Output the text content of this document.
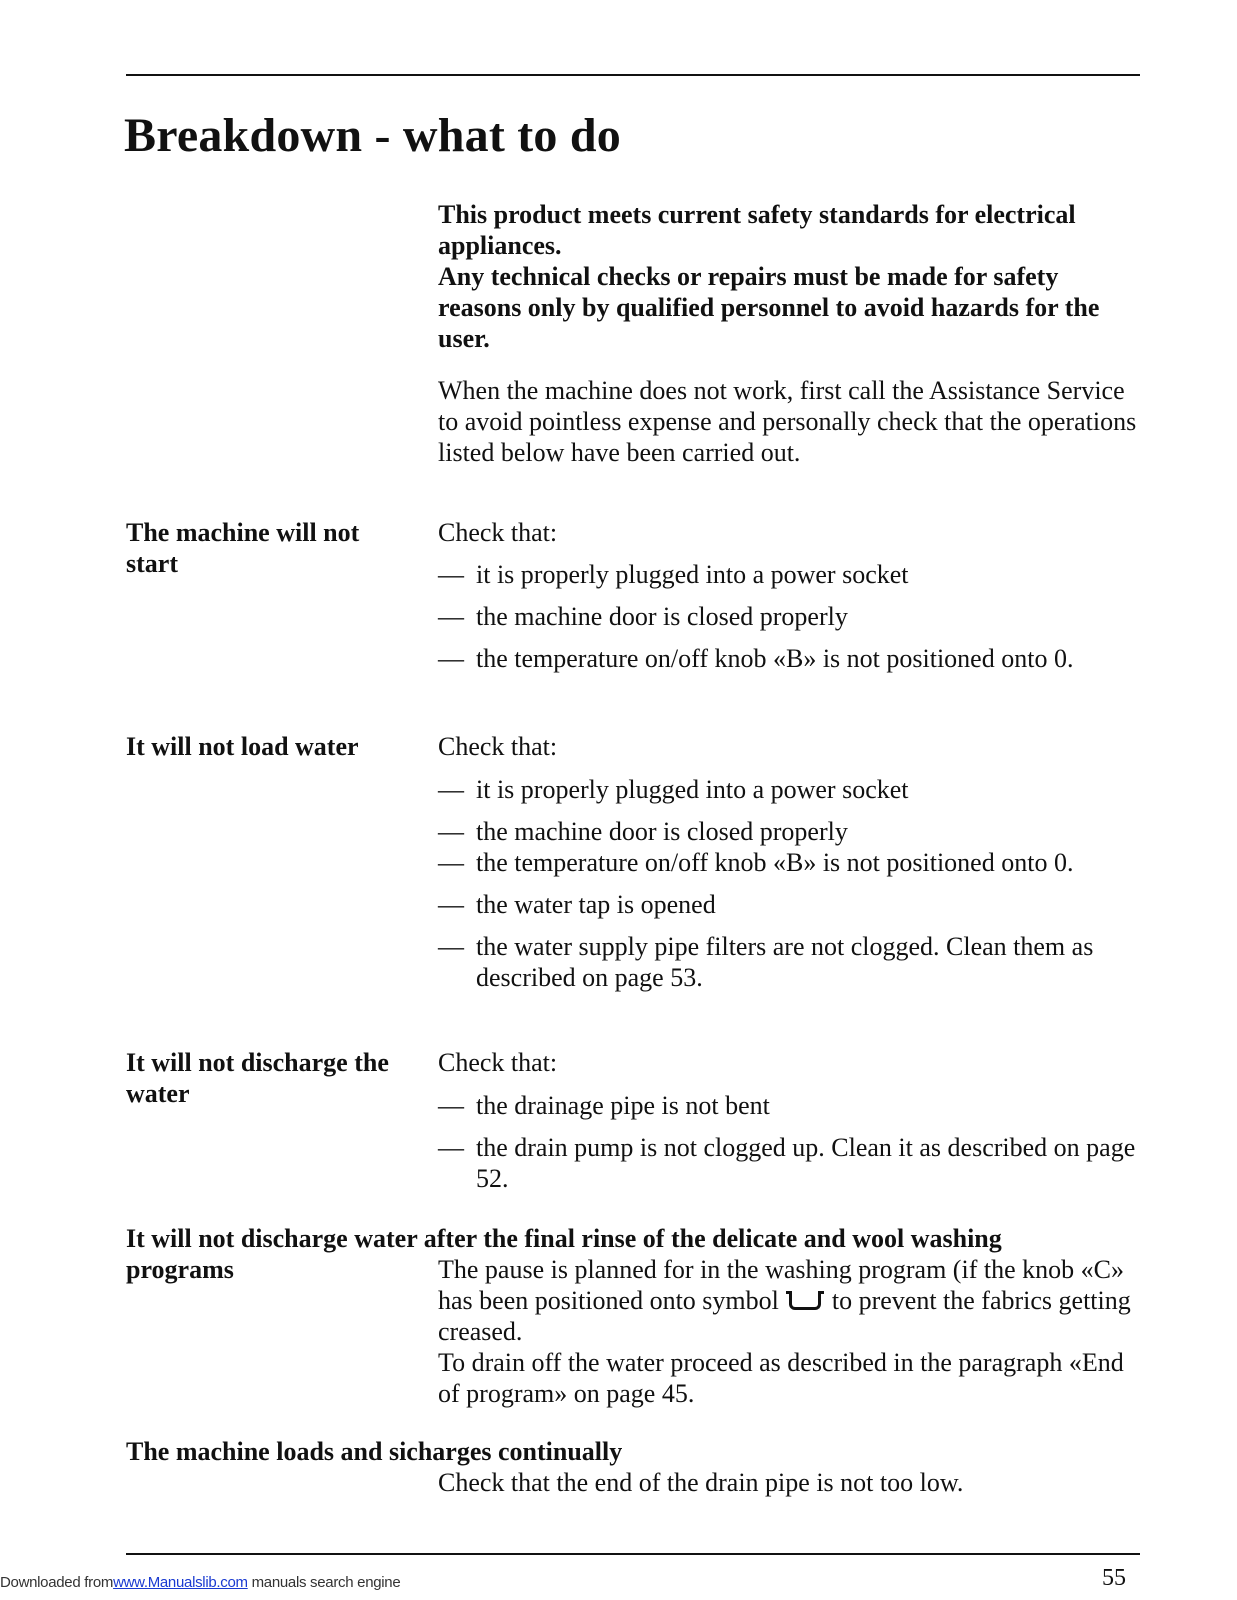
Breakdown - what to do

This product meets current safety standards for electrical appliances.

Any technical checks or repairs must be made for safety reasons only by qualified personnel to avoid hazards for the user.

When the machine does not work, first call the Assistance Service to avoid pointless expense and personally check that the operations listed below have been carried out.

The machine will not start
Check that:
— it is properly plugged into a power socket
— the machine door is closed properly
— the temperature on/off knob «B» is not positioned onto 0.
It will not load water	Check that:
— it is properly plugged into a power socket
— the machine door is closed properly
— the temperature on/off knob «B» is not positioned onto 0.
— the water tap is opened
— the water supply pipe filters are not clogged. Clean them as described on page 53.
It will not discharge the water
Check that:
— the drainage pipe is not bent
— the drain pump is not clogged up. Clean it as described on page 52.
It will not discharge water after the final rinse of the delicate and wool washing
programs	The pause is planned for in the washing program (if the knob «C» has been positioned onto symbol to prevent the fabrics getting creased.

To drain off the water proceed as described in the paragraph «End of program» on page 45.

The machine loads and sicharges continually
Check that the end of the drain pipe is not too low.
Downloaded fromwww.Manualslib.com manuals search engine	55
